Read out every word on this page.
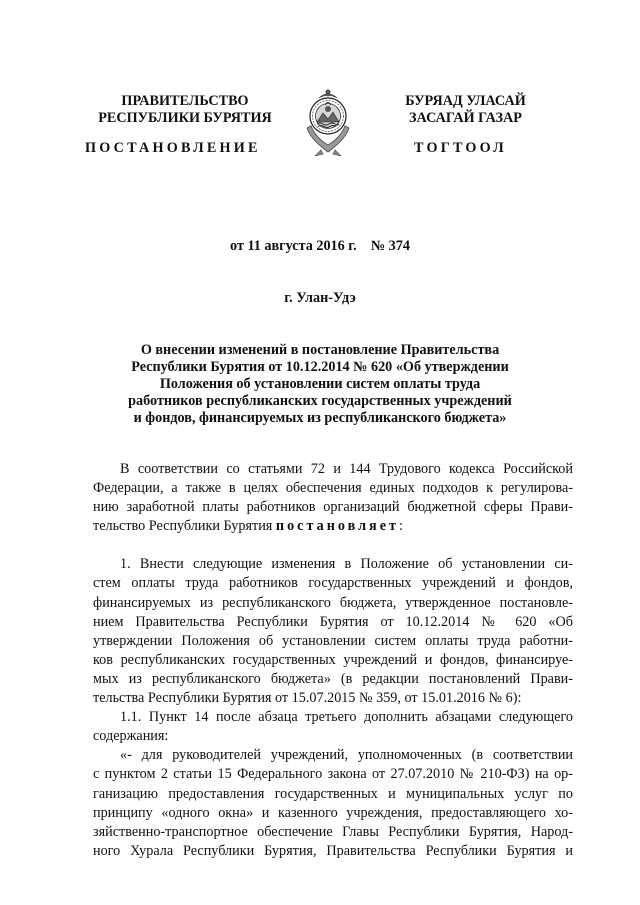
ПРАВИТЕЛЬСТВО
РЕСПУБЛИКИ БУРЯТИЯ
БУРЯАД УЛАСАЙ
ЗАСАГАЙ ГАЗАР
ПОСТАНОВЛЕНИЕ	ТОГТООЛ
от 11 августа 2016 г. № 374
г. Улан-Удэ
О внесении изменений в постановление Правительства
Республики Бурятия от 10.12.2014 № 620 «Об утверждении
Положения об установлении систем оплаты труда
работников республиканских государственных учреждений
и фондов, финансируемых из республиканского бюджета»

В соответствии со статьями 72 и 144 Трудового кодекса Российской

Федерации, а также в целях обеспечения единых подходов к регулирова-

нию заработной платы работников организаций бюджетной сферы Прави-

тельство Республики Бурятия постановляет:

1. Внести следующие изменения в Положение об установлении си-

стем оплаты труда работников государственных учреждений и фондов,

финансируемых из республиканского бюджета, утвержденное постановле-

нием Правительства Республики Бурятия от 10.12.2014 № 620 «Об

утверждении Положения об установлении систем оплаты труда работни-

ков республиканских государственных учреждений и фондов, финансируе-

мых из республиканского бюджета» (в редакции постановлений Прави-

тельства Республики Бурятия от 15.07.2015 № 359, от 15.01.2016 № 6):

1.1. Пункт 14 после абзаца третьего дополнить абзацами следующего

содержания:

«- для руководителей учреждений, уполномоченных (в соответствии

с пунктом 2 статьи 15 Федерального закона от 27.07.2010 № 210-ФЗ) на ор-

ганизацию предоставления государственных и муниципальных услуг по

принципу «одного окна» и казенного учреждения, предоставляющего хо-

зяйственно-транспортное обеспечение Главы Республики Бурятия, Народ-

ного Хурала Республики Бурятия, Правительства Республики Бурятия и
